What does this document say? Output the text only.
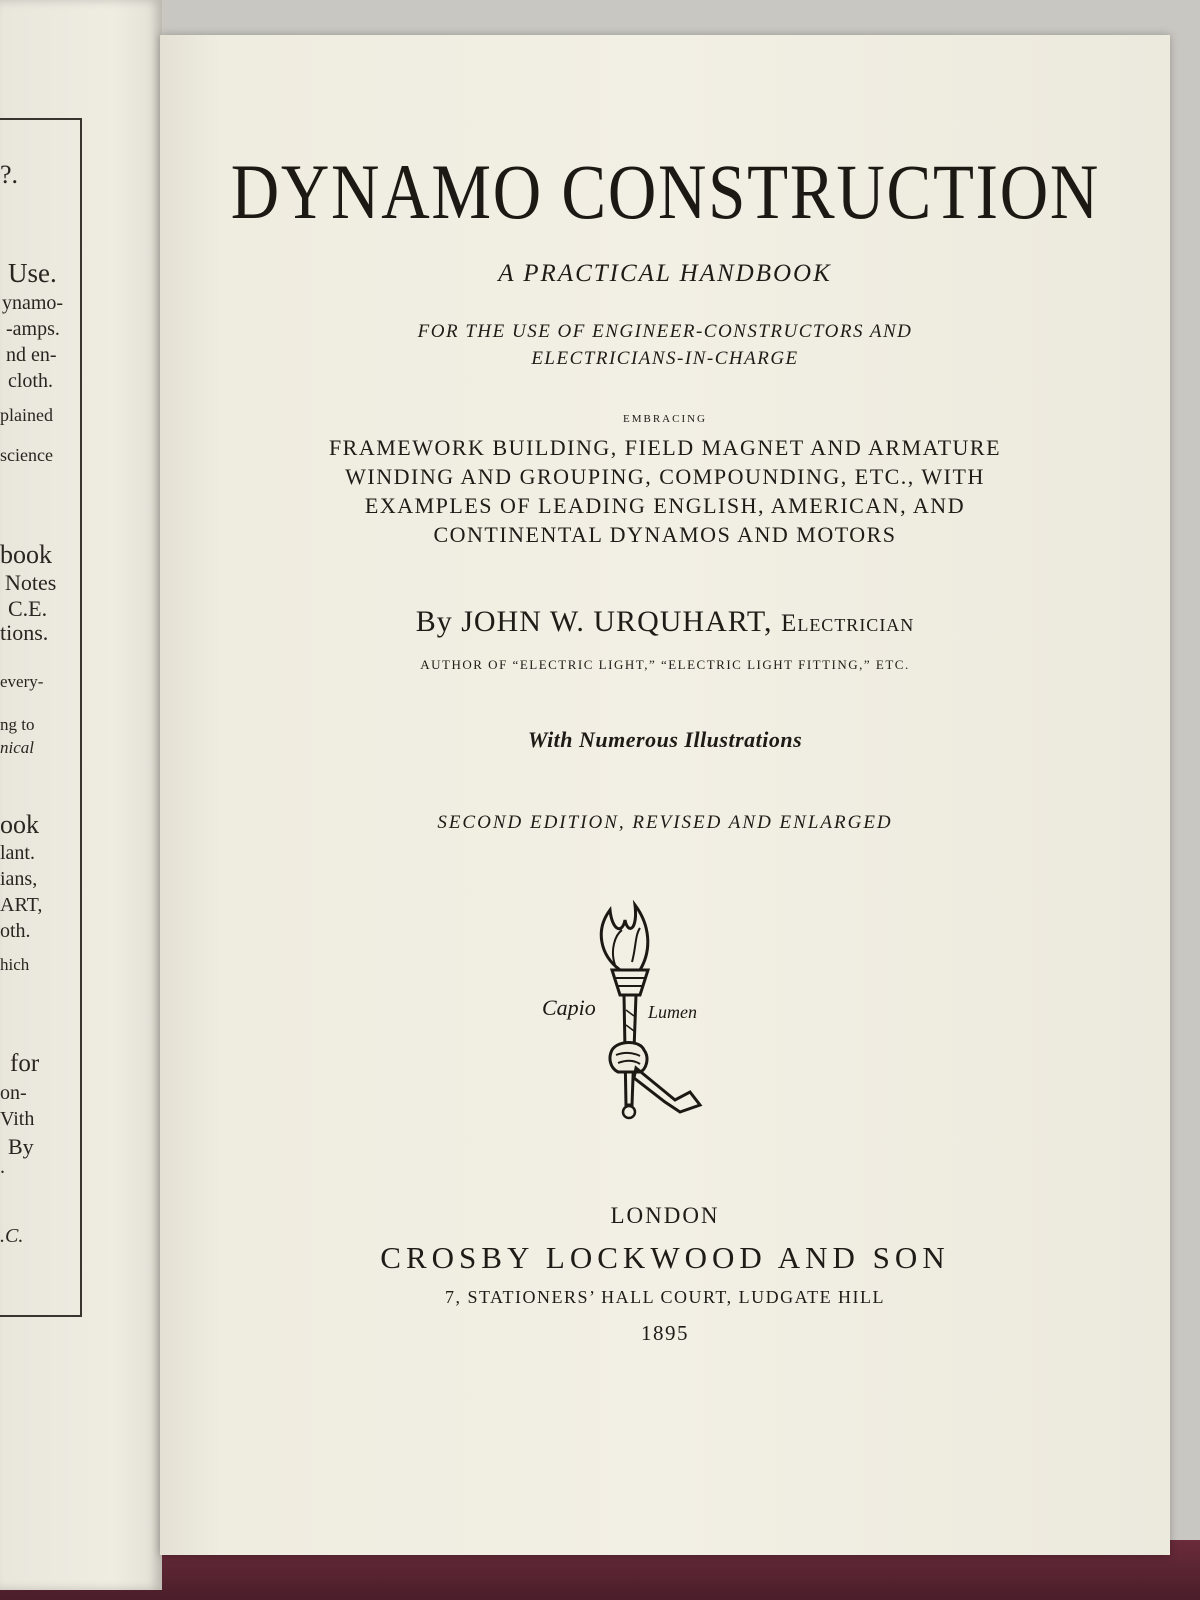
?.
Use.
ynamo-
-amps.
nd en-
cloth.
plained
science
book
Notes
C.E.
tions.
every-
ng to
nical
ook
lant.
ians,
ART,
oth.
hich
for
on-
Vith
By
.
.C.
DYNAMO CONSTRUCTION
A PRACTICAL HANDBOOK
FOR THE USE OF ENGINEER-CONSTRUCTORS AND
ELECTRICIANS-IN-CHARGE
EMBRACING
FRAMEWORK BUILDING, FIELD MAGNET AND ARMATURE
WINDING AND GROUPING, COMPOUNDING, ETC., WITH
EXAMPLES OF LEADING ENGLISH, AMERICAN, AND
CONTINENTAL DYNAMOS AND MOTORS
By JOHN W. URQUHART, Electrician
AUTHOR OF “ELECTRIC LIGHT,” “ELECTRIC LIGHT FITTING,” ETC.
With Numerous Illustrations
SECOND EDITION, REVISED AND ENLARGED
Capio	Lumen
LONDON
CROSBY LOCKWOOD AND SON
7, STATIONERS’ HALL COURT, LUDGATE HILL
1895
